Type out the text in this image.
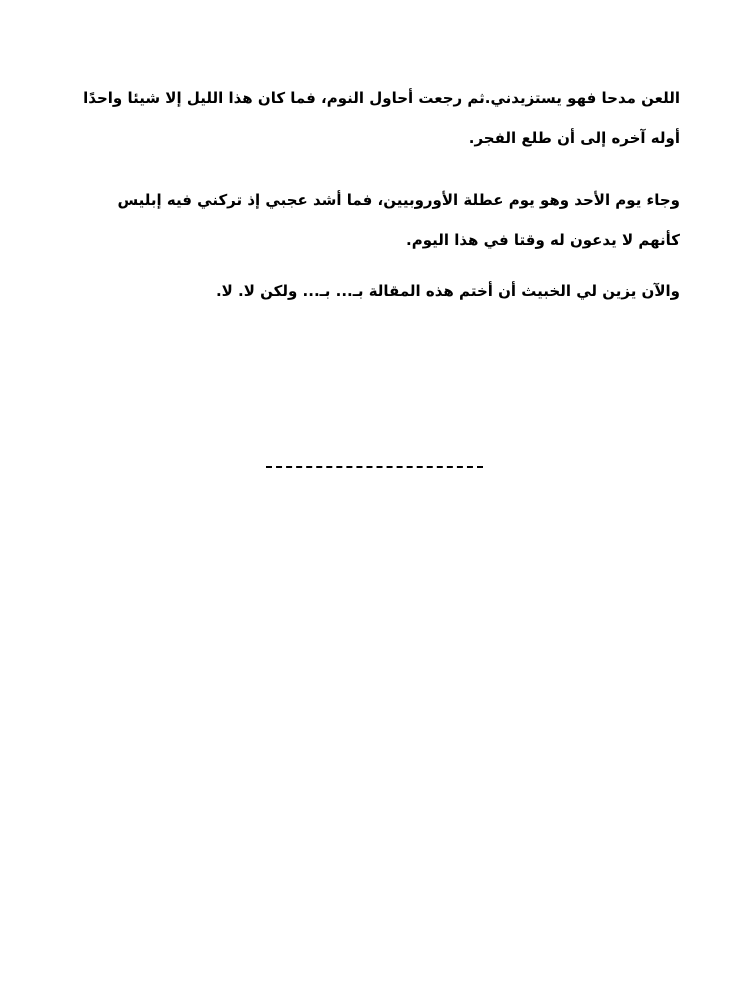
اللعن مدحا فهو يستزيدني.ثم رجعت أحاول النوم، فما كان هذا الليل إلا شيئا واحدًا
أوله آخره إلى أن طلع الفجر.
وجاء يوم الأحد وهو يوم عطلة الأوروبيين، فما أشد عجبي إذ تركني فيه إبليس
كأنهم لا يدعون له وقتا في هذا اليوم.
والآن يزين لي الخبيث أن أختم هذه المقالة بـ... بـ... ولكن لا. لا.
